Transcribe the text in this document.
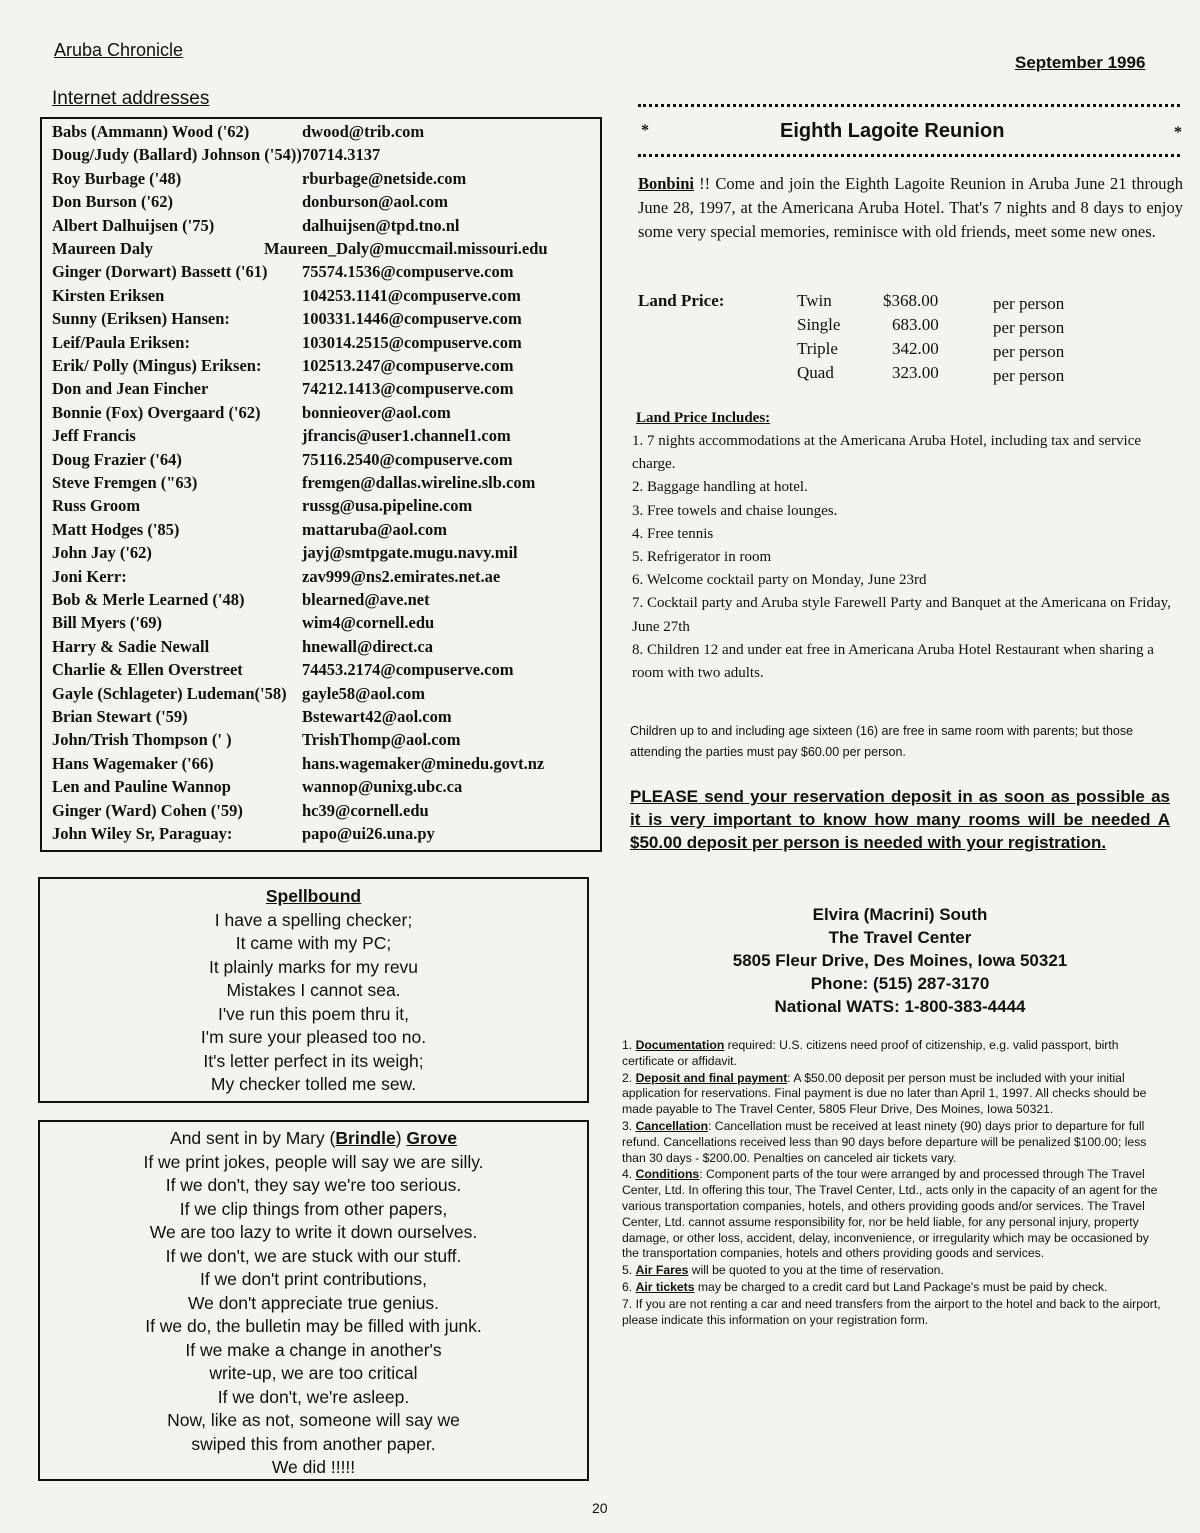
Aruba Chronicle
September 1996
Internet addresses
Babs (Ammann) Wood ('62)	dwood@trib.com
Doug/Judy (Ballard) Johnson ('54)) 70714.3137
Roy Burbage ('48)	rburbage@netside.com
Don Burson ('62)	donburson@aol.com
Albert Dalhuijsen ('75)	dalhuijsen@tpd.tno.nl
Maureen Daly	Maureen_Daly@muccmail.missouri.edu
Ginger (Dorwart) Bassett ('61) 75574.1536@compuserve.com
Kirsten Eriksen	104253.1141@compuserve.com
Sunny (Eriksen) Hansen:	100331.1446@compuserve.com
Leif/Paula Eriksen:	103014.2515@compuserve.com
Erik/ Polly (Mingus) Eriksen: 102513.247@compuserve.com
Don and Jean Fincher	74212.1413@compuserve.com
Bonnie (Fox) Overgaard ('62)	bonnieover@aol.com
Jeff Francis	jfrancis@user1.channel1.com
Doug Frazier ('64)	75116.2540@compuserve.com
Steve Fremgen ("63)	fremgen@dallas.wireline.slb.com
Russ Groom	russg@usa.pipeline.com
Matt Hodges ('85)	mattaruba@aol.com
John Jay ('62)	jayj@smtpgate.mugu.navy.mil
Joni Kerr:	zav999@ns2.emirates.net.ae
Bob & Merle Learned ('48)	blearned@ave.net
Bill Myers ('69)	wim4@cornell.edu
Harry & Sadie Newall	hnewall@direct.ca
Charlie & Ellen Overstreet	74453.2174@compuserve.com
Gayle (Schlageter) Ludeman('58) gayle58@aol.com
Brian Stewart ('59)	Bstewart42@aol.com
John/Trish Thompson (' )	TrishThomp@aol.com
Hans Wagemaker ('66)	hans.wagemaker@minedu.govt.nz
Len and Pauline Wannop	wannop@unixg.ubc.ca
Ginger (Ward) Cohen ('59)	hc39@cornell.edu
John Wiley Sr, Paraguay:	papo@ui26.una.py
Spellbound
I have a spelling checker;
It came with my PC;
It plainly marks for my revu
Mistakes I cannot sea.
I've run this poem thru it,
I'm sure your pleased too no.
It's letter perfect in its weigh;
My checker tolled me sew.
And sent in by Mary (Brindle) Grove
If we print jokes, people will say we are silly.
If we don't, they say we're too serious.
If we clip things from other papers,
We are too lazy to write it down ourselves.
If we don't, we are stuck with our stuff.
If we don't print contributions,
We don't appreciate true genius.
If we do, the bulletin may be filled with junk.
If we make a change in another's
write-up, we are too critical
If we don't, we're asleep.
Now, like as not, someone will say we
swiped this from another paper.
We did !!!!!
*	Eighth Lagoite Reunion	*
Bonbini !! Come and join the Eighth Lagoite Reunion in Aruba June 21 through June 28, 1997, at the Americana Aruba Hotel. That's 7 nights and 8 days to enjoy some very special memories, reminisce with old friends, meet some new ones.
Land Price:	Twin	$368.00	per person
Single	683.00	per person
Triple	342.00	per person
Quad	323.00	per person
Land Price Includes:
1. 7 nights accommodations at the Americana Aruba Hotel, including tax and service charge.
2. Baggage handling at hotel.
3. Free towels and chaise lounges.
4. Free tennis
5. Refrigerator in room
6. Welcome cocktail party on Monday, June 23rd
7. Cocktail party and Aruba style Farewell Party and Banquet at the Americana on Friday, June 27th
8. Children 12 and under eat free in Americana Aruba Hotel Restaurant when sharing a room with two adults.
Children up to and including age sixteen (16) are free in same room with parents; but those attending the parties must pay $60.00 per person.
PLEASE send your reservation deposit in as soon as possible as it is very important to know how many rooms will be needed A $50.00 deposit per person is needed with your registration.
Elvira (Macrini) South
The Travel Center
5805 Fleur Drive, Des Moines, Iowa 50321
Phone: (515) 287-3170
National WATS: 1-800-383-4444
1. Documentation required: U.S. citizens need proof of citizenship, e.g. valid passport, birth certificate or affidavit.
2. Deposit and final payment: A $50.00 deposit per person must be included with your initial application for reservations. Final payment is due no later than April 1, 1997. All checks should be made payable to The Travel Center, 5805 Fleur Drive, Des Moines, Iowa 50321.
3. Cancellation: Cancellation must be received at least ninety (90) days prior to departure for full refund. Cancellations received less than 90 days before departure will be penalized $100.00; less than 30 days - $200.00. Penalties on canceled air tickets vary.
4. Conditions: Component parts of the tour were arranged by and processed through The Travel Center, Ltd. In offering this tour, The Travel Center, Ltd., acts only in the capacity of an agent for the various transportation companies, hotels, and others providing goods and/or services. The Travel Center, Ltd. cannot assume responsibility for, nor be held liable, for any personal injury, property damage, or other loss, accident, delay, inconvenience, or irregularity which may be occasioned by the transportation companies, hotels and others providing goods and services.
5. Air Fares will be quoted to you at the time of reservation.
6. Air tickets may be charged to a credit card but Land Package's must be paid by check.
7. If you are not renting a car and need transfers from the airport to the hotel and back to the airport, please indicate this information on your registration form.
20
